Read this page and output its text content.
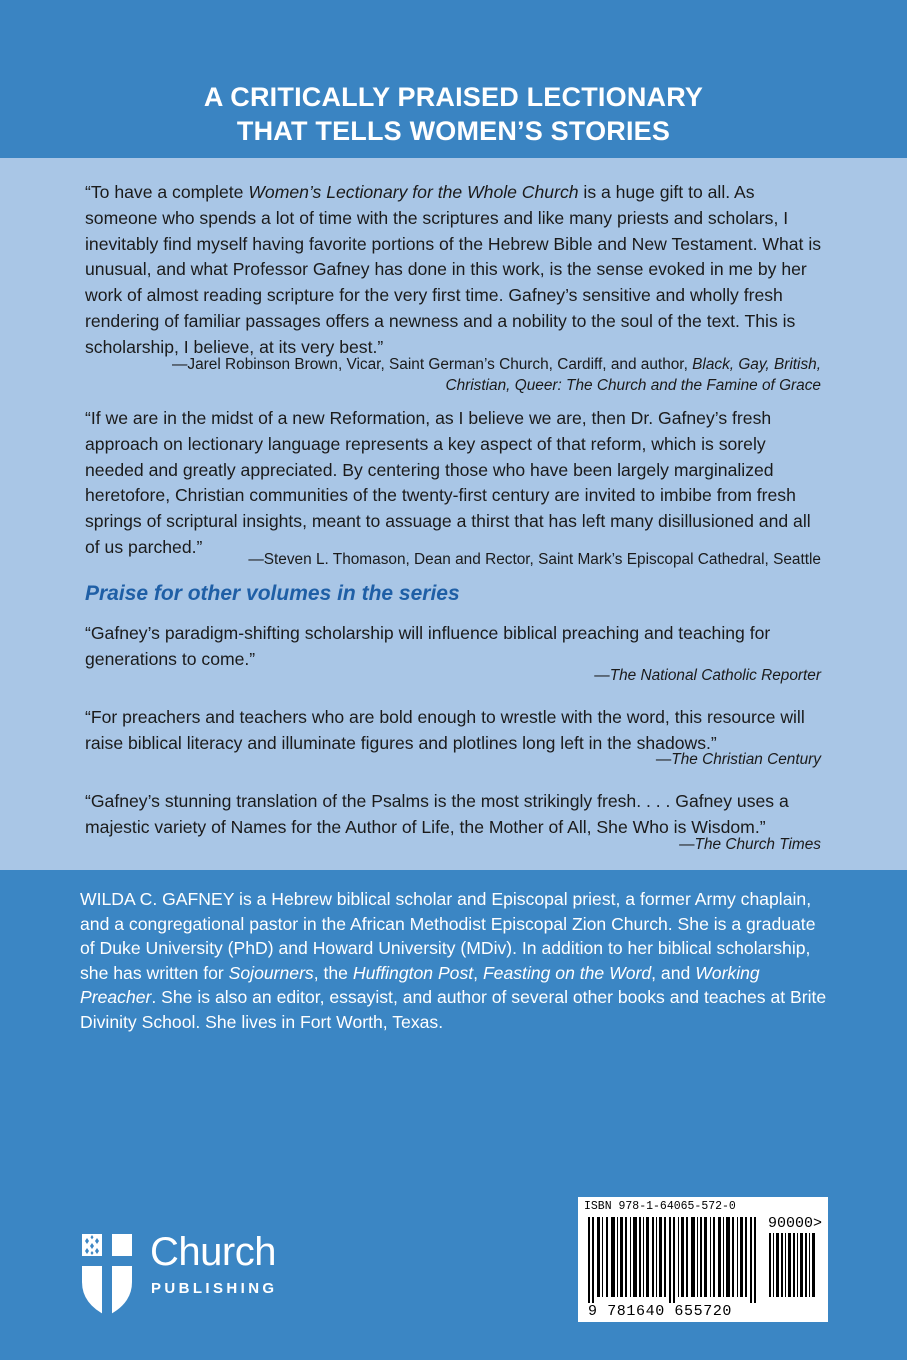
A CRITICALLY PRAISED LECTIONARY
THAT TELLS WOMEN’S STORIES

“To have a complete Women’s Lectionary for the Whole Church is a huge gift to all. As someone who spends a lot of time with the scriptures and like many priests and scholars, I inevitably find myself having favorite portions of the Hebrew Bible and New Testament. What is unusual, and what Professor Gafney has done in this work, is the sense evoked in me by her work of almost reading scripture for the very first time. Gafney’s sensitive and wholly fresh rendering of familiar passages offers a newness and a nobility to the soul of the text. This is scholarship, I believe, at its very best.”

—Jarel Robinson Brown, Vicar, Saint German’s Church, Cardiff, and author, Black, Gay, British,
Christian, Queer: The Church and the Famine of Grace

“If we are in the midst of a new Reformation, as I believe we are, then Dr. Gafney’s fresh approach on lectionary language represents a key aspect of that reform, which is sorely needed and greatly appreciated. By centering those who have been largely marginalized heretofore, Christian communities of the twenty-first century are invited to imbibe from fresh springs of scriptural insights, meant to assuage a thirst that has left many disillusioned and all of us parched.”

—Steven L. Thomason, Dean and Rector, Saint Mark’s Episcopal Cathedral, Seattle
Praise for other volumes in the series

“Gafney’s paradigm-shifting scholarship will influence biblical preaching and teaching for generations to come.”

—The National Catholic Reporter

“For preachers and teachers who are bold enough to wrestle with the word, this resource will raise biblical literacy and illuminate figures and plotlines long left in the shadows.”

—The Christian Century

“Gafney’s stunning translation of the Psalms is the most strikingly fresh. . . . Gafney uses a majestic variety of Names for the Author of Life, the Mother of All, She Who is Wisdom.”

—The Church Times

WILDA C. GAFNEY is a Hebrew biblical scholar and Episcopal priest, a former Army chaplain, and a congregational pastor in the African Methodist Episcopal Zion Church. She is a graduate of Duke University (PhD) and Howard University (MDiv). In addition to her biblical scholarship, she has written for Sojourners, the Huffington Post, Feasting on the Word, and Working Preacher. She is also an editor, essayist, and author of several other books and teaches at Brite Divinity School. She lives in Fort Worth, Texas.

Church
PUBLISHING
ISBN 978-1-64065-572-0
90000>
9 781640 655720
